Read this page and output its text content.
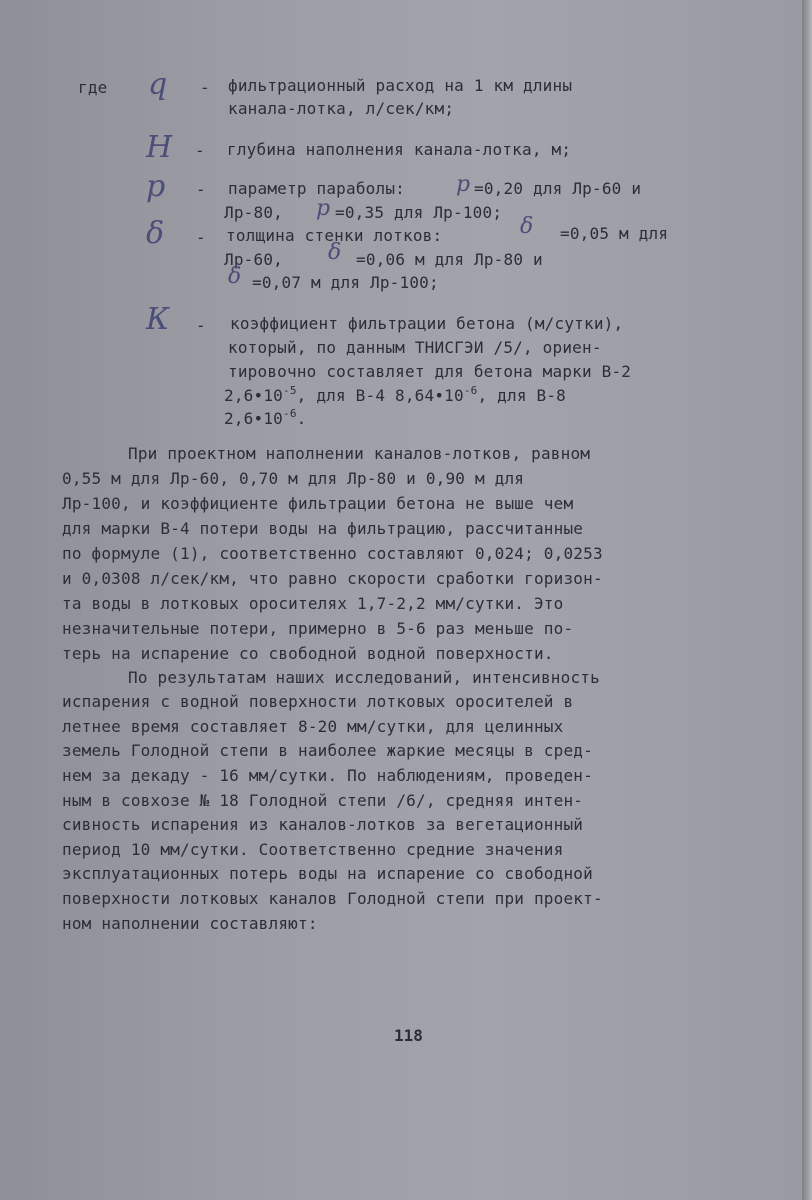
где q - фильтрационный расход на 1 км длины
канала-лотка, л/сек/км;
Н - глубина наполнения канала-лотка, м;
p - параметр параболы: p =0,20 для Лр-60 и
Лр-80, p =0,35 для Лр-100;
δ - толщина стенки лотков:	δ =0,05 м для
Лр-60, δ =0,06 м для Лр-80 и
δ =0,07 м для Лр-100;
К - коэффициент фильтрации бетона (м/сутки),
который, по данным ТНИСГЭИ /5/, ориен-
тировочно составляет для бетона марки В-2
$2,6•10^{-5}$, для В-4 $8,64•10^{-6}$, для В-8
$2,6•10^{-6}$.
При проектном наполнении каналов-лотков, равном
0,55 м для Лр-60, 0,70 м для Лр-80 и 0,90 м для
Лр-100, и коэффициенте фильтрации бетона не выше чем
для марки В-4 потери воды на фильтрацию, рассчитанные
по формуле (1), соответственно составляют 0,024; 0,0253
и 0,0308 л/сек/км, что равно скорости сработки горизон-
та воды в лотковых оросителях 1,7-2,2 мм/сутки. Это
незначительные потери, примерно в 5-6 раз меньше по-
терь на испарение со свободной водной поверхности.
По результатам наших исследований, интенсивность
испарения с водной поверхности лотковых оросителей в
летнее время составляет 8-20 мм/сутки, для целинных
земель Голодной степи в наиболее жаркие месяцы в сред-
нем за декаду - 16 мм/сутки. По наблюдениям, проведен-
ным в совхозе № 18 Голодной степи /6/, средняя интен-
сивность испарения из каналов-лотков за вегетационный
период 10 мм/сутки. Соответственно средние значения
эксплуатационных потерь воды на испарение со свободной
поверхности лотковых каналов Голодной степи при проект-
ном наполнении составляют:
118
